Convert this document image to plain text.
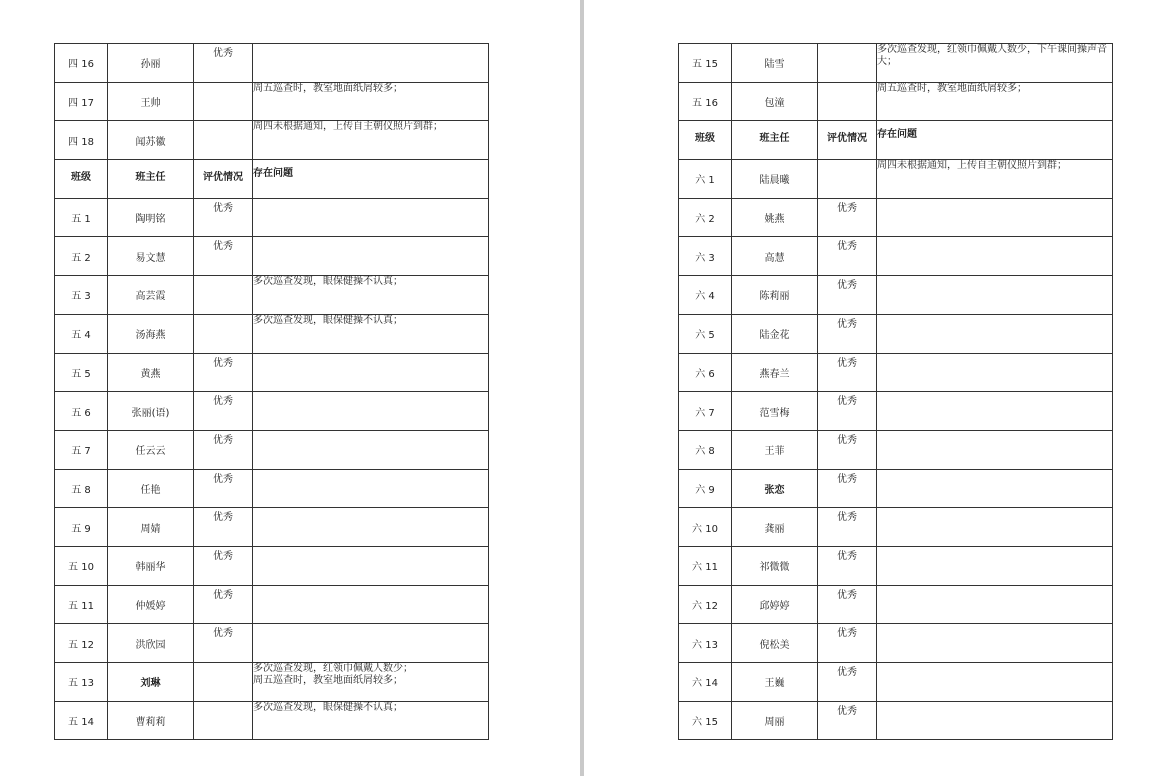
四 16	孙丽	优秀	
四 17	王帅		周五巡查时，教室地面纸屑较多；
四 18	闻苏徽		周四未根据通知，上传自主朝仪照片到群；
班级	班主任	评优情况	存在问题
五 1	陶明铭	优秀	
五 2	易文慧	优秀	
五 3	高芸霞		多次巡查发现，眼保健操不认真；
五 4	汤海燕		多次巡查发现，眼保健操不认真；
五 5	黄燕	优秀	
五 6	张丽(语)	优秀	
五 7	任云云	优秀	
五 8	任艳	优秀	
五 9	周婧	优秀	
五 10	韩丽华	优秀	
五 11	仲媛婷	优秀	
五 12	洪欣园	优秀	
五 13	刘琳		多次巡查发现，红领巾佩戴人数少；
周五巡查时，教室地面纸屑较多；
五 14	曹莉莉		多次巡查发现，眼保健操不认真；
五 15	陆雪		多次巡查发现，红领巾佩戴人数少，下午课间操声音大；
五 16	包潼		周五巡查时，教室地面纸屑较多；
班级	班主任	评优情况	存在问题
六 1	陆晨曦		周四未根据通知，上传自主朝仪照片到群；
六 2	姚燕	优秀	
六 3	高慧	优秀	
六 4	陈莉丽	优秀	
六 5	陆金花	优秀	
六 6	燕春兰	优秀	
六 7	范雪梅	优秀	
六 8	王菲	优秀	
六 9	张恋	优秀	
六 10	龚丽	优秀	
六 11	祁微微	优秀	
六 12	邱婷婷	优秀	
六 13	倪松美	优秀	
六 14	王巍	优秀	
六 15	周丽	优秀	
